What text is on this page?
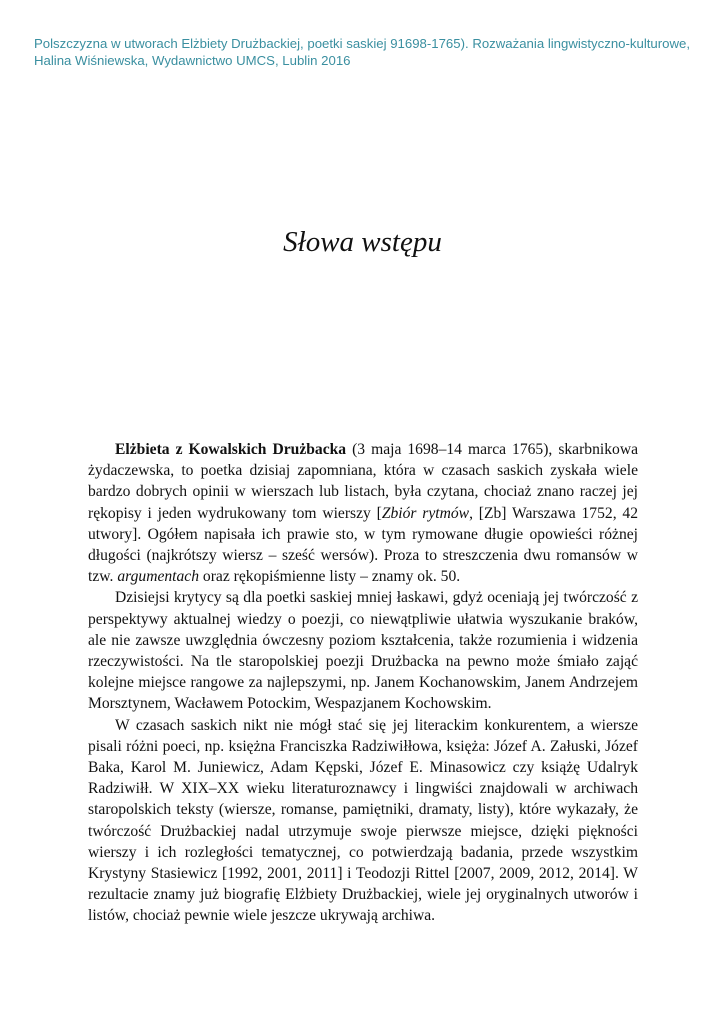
Polszczyzna w utworach Elżbiety Drużbackiej, poetki saskiej 91698-1765). Rozważania lingwistyczno-kulturowe,
Halina Wiśniewska, Wydawnictwo UMCS, Lublin 2016
Słowa wstępu

Elżbieta z Kowalskich Drużbacka (3 maja 1698–14 marca 1765), skarbnikowa żydaczewska, to poetka dzisiaj zapomniana, która w czasach saskich zyskała wiele bardzo dobrych opinii w wierszach lub listach, była czytana, chociaż znano raczej jej rękopisy i jeden wydrukowany tom wierszy [Zbiór rytmów, [Zb] Warszawa 1752, 42 utwory]. Ogółem napisała ich prawie sto, w tym rymowane długie opowieści różnej długości (najkrótszy wiersz – sześć wersów). Proza to streszczenia dwu romansów w tzw. argumentach oraz rękopiśmienne listy – znamy ok. 50.

Dzisiejsi krytycy są dla poetki saskiej mniej łaskawi, gdyż oceniają jej twórczość z perspektywy aktualnej wiedzy o poezji, co niewątpliwie ułatwia wyszukanie braków, ale nie zawsze uwzględnia ówczesny poziom kształcenia, także rozumienia i widzenia rzeczywistości. Na tle staropolskiej poezji Drużbacka na pewno może śmiało zająć kolejne miejsce rangowe za najlepszymi, np. Janem Kochanowskim, Janem Andrzejem Morsztynem, Wacławem Potockim, Wespazjanem Kochowskim.

W czasach saskich nikt nie mógł stać się jej literackim konkurentem, a wiersze pisali różni poeci, np. księżna Franciszka Radziwiłłowa, księża: Józef A. Załuski, Józef Baka, Karol M. Juniewicz, Adam Kępski, Józef E. Minasowicz czy książę Udalryk Radziwiłł. W XIX–XX wieku literaturoznawcy i lingwiści znajdowali w archiwach staropolskich teksty (wiersze, romanse, pamiętniki, dramaty, listy), które wykazały, że twórczość Drużbackiej nadal utrzymuje swoje pierwsze miejsce, dzięki piękności wierszy i ich rozległości tematycznej, co potwierdzają badania, przede wszystkim Krystyny Stasiewicz [1992, 2001, 2011] i Teodozji Rittel [2007, 2009, 2012, 2014]. W rezultacie znamy już biografię Elżbiety Drużbackiej, wiele jej oryginalnych utworów i listów, chociaż pewnie wiele jeszcze ukrywają archiwa.
